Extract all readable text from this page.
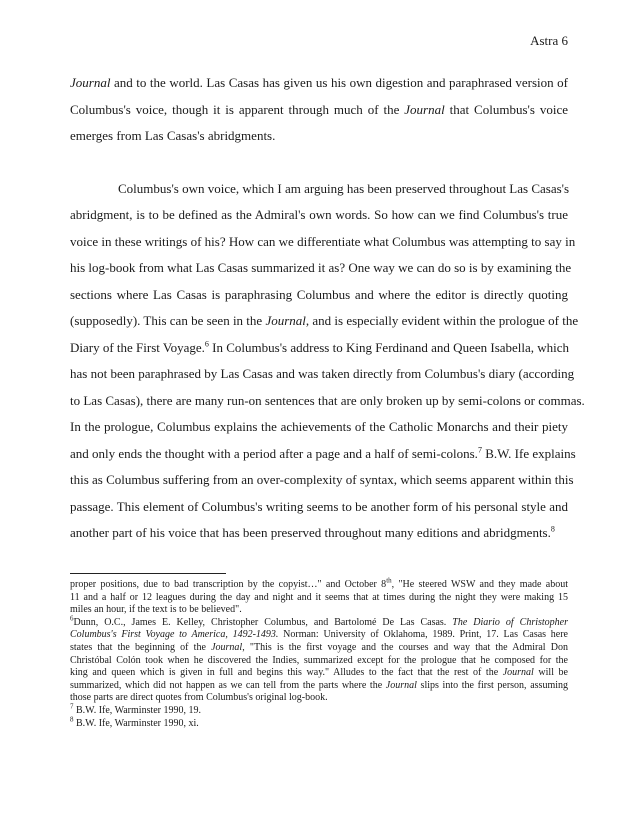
Astra 6
Journal and to the world. Las Casas has given us his own digestion and paraphrased version of
Columbus's voice, though it is apparent through much of the Journal that Columbus's voice
emerges from Las Casas's abridgments.
Columbus's own voice, which I am arguing has been preserved throughout Las Casas's
abridgment, is to be defined as the Admiral's own words. So how can we find Columbus's true
voice in these writings of his? How can we differentiate what Columbus was attempting to say in
his log-book from what Las Casas summarized it as? One way we can do so is by examining the
sections where Las Casas is paraphrasing Columbus and where the editor is directly quoting
(supposedly). This can be seen in the Journal, and is especially evident within the prologue of the
Diary of the First Voyage.$^6$ In Columbus's address to King Ferdinand and Queen Isabella, which
has not been paraphrased by Las Casas and was taken directly from Columbus's diary (according
to Las Casas), there are many run-on sentences that are only broken up by semi-colons or commas.
In the prologue, Columbus explains the achievements of the Catholic Monarchs and their piety
and only ends the thought with a period after a page and a half of semi-colons.$^7$ B.W. Ife explains
this as Columbus suffering from an over-complexity of syntax, which seems apparent within this
passage. This element of Columbus's writing seems to be another form of his personal style and
another part of his voice that has been preserved throughout many editions and abridgments.$^8$
proper positions, due to bad transcription by the copyist…" and October 8th, "He steered WSW and they made about
11 and a half or 12 leagues during the day and night and it seems that at times during the night they were making 15
miles an hour, if the text is to be believed".
$^6$Dunn, O.C., James E. Kelley, Christopher Columbus, and Bartolomé De Las Casas. The Diario of Christopher
Columbus's First Voyage to America, 1492-1493. Norman: University of Oklahoma, 1989. Print, 17. Las Casas here
states that the beginning of the Journal, "This is the first voyage and the courses and way that the Admiral Don
Christóbal Colón took when he discovered the Indies, summarized except for the prologue that he composed for the
king and queen which is given in full and begins this way." Alludes to the fact that the rest of the Journal will be
summarized, which did not happen as we can tell from the parts where the Journal slips into the first person, assuming
those parts are direct quotes from Columbus's original log-book.
$^7$ B.W. Ife, Warminster 1990, 19.
$^8$ B.W. Ife, Warminster 1990, xi.
